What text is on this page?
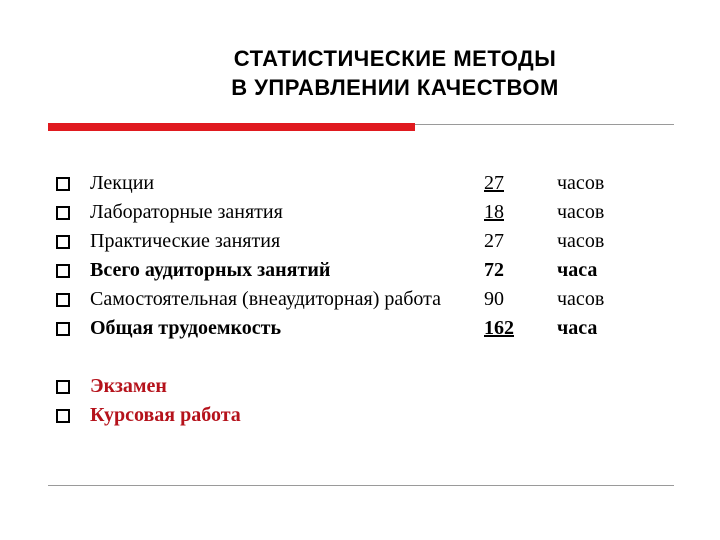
СТАТИСТИЧЕСКИЕ МЕТОДЫ
В УПРАВЛЕНИИ КАЧЕСТВОМ
Лекции	27	часов
Лабораторные занятия	18	часов
Практические занятия	27	часов
Всего аудиторных занятий	72	часа
Самостоятельная (внеаудиторная) работа 90	часов
Общая трудоемкость	162 часа
Экзамен
Курсовая работа
